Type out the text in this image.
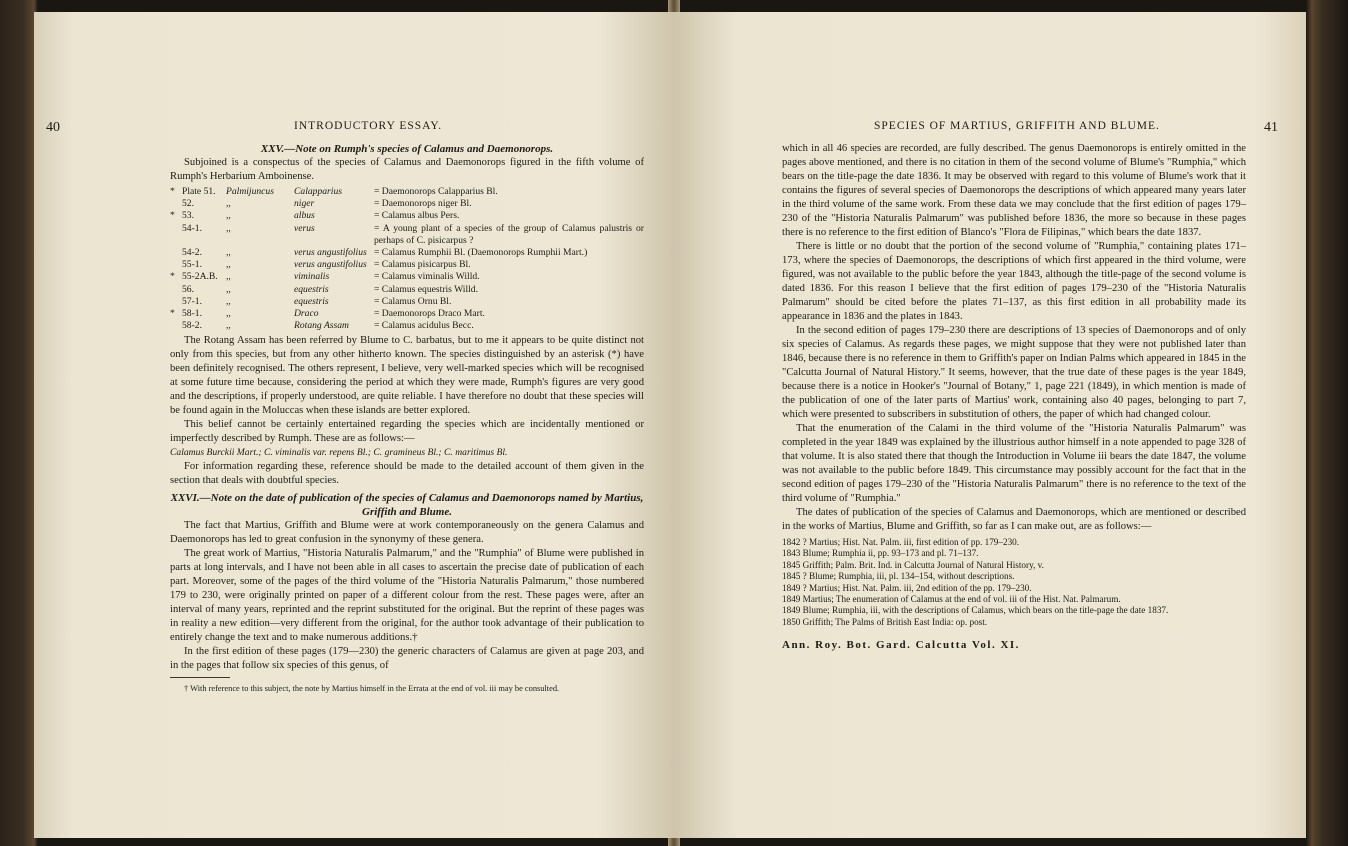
40	INTRODUCTORY ESSAY.
XXV.—Note on Rumph's species of Calamus and Daemonorops.

Subjoined is a conspectus of the species of Calamus and Daemonorops figured in the fifth volume of Rumph's Herbarium Amboinense.

* Plate 51.	Palmijuncus	Calapparius	= Daemonorops Calapparius Bl.
52.	,,	niger	= Daemonorops niger Bl.
* 53.	,,	albus	= Calamus albus Pers.
54-1.	,,	verus	= A young plant of a species of the group of Calamus palustris or perhaps of C. pisicarpus ?
54-2.	,,	verus angustifolius = Calamus Rumphii Bl. (Daemonorops Rumphii Mart.)
55-1.	,,	verus angustifolius = Calamus pisicarpus Bl.
* 55-2A.B. ,,	viminalis	= Calamus viminalis Willd.
56.	,,	equestris	= Calamus equestris Willd.
57-1.	,,	equestris	= Calamus Ornu Bl.
* 58-1.	,,	Draco	= Daemonorops Draco Mart.
58-2.	,,	Rotang Assam	= Calamus acidulus Becc.

The Rotang Assam has been referred by Blume to C. barbatus, but to me it appears to be quite distinct not only from this species, but from any other hitherto known. The species distinguished by an asterisk (*) have been definitely recognised. The others represent, I believe, very well-marked species which will be recognised at some future time because, considering the period at which they were made, Rumph's figures are very good and the descriptions, if properly understood, are quite reliable. I have therefore no doubt that these species will be found again in the Moluccas when these islands are better explored.

This belief cannot be certainly entertained regarding the species which are incidentally mentioned or imperfectly described by Rumph. These are as follows:—

Calamus Burckii Mart.; C. viminalis var. repens Bl.; C. gramineus Bl.; C. maritimus Bl.

For information regarding these, reference should be made to the detailed account of them given in the section that deals with doubtful species.

XXVI.—Note on the date of publication of the species of Calamus and Daemonorops named by Martius, Griffith and Blume.

The fact that Martius, Griffith and Blume were at work contemporaneously on the genera Calamus and Daemonorops has led to great confusion in the synonymy of these genera.

The great work of Martius, "Historia Naturalis Palmarum," and the "Rumphia" of Blume were published in parts at long intervals, and I have not been able in all cases to ascertain the precise date of publication of each part. Moreover, some of the pages of the third volume of the "Historia Naturalis Palmarum," those numbered 179 to 230, were originally printed on paper of a different colour from the rest. These pages were, after an interval of many years, reprinted and the reprint substituted for the original. But the reprint of these pages was in reality a new edition—very different from the original, for the author took advantage of their publication to entirely change the text and to make numerous additions.†

In the first edition of these pages (179—230) the generic characters of Calamus are given at page 203, and in the pages that follow six species of this genus, of

† With reference to this subject, the note by Martius himself in the Errata at the end of vol. iii may be consulted.
SPECIES OF MARTIUS, GRIFFITH AND BLUME.	41

which in all 46 species are recorded, are fully described. The genus Daemonorops is entirely omitted in the pages above mentioned, and there is no citation in them of the second volume of Blume's "Rumphia," which bears on the title-page the date 1836. It may be observed with regard to this volume of Blume's work that it contains the figures of several species of Daemonorops the descriptions of which appeared many years later in the third volume of the same work. From these data we may conclude that the first edition of pages 179–230 of the "Historia Naturalis Palmarum" was published before 1836, the more so because in these pages there is no reference to the first edition of Blanco's "Flora de Filipinas," which bears the date 1837.

There is little or no doubt that the portion of the second volume of "Rumphia," containing plates 171–173, where the species of Daemonorops, the descriptions of which first appeared in the third volume, were figured, was not available to the public before the year 1843, although the title-page of the second volume is dated 1836. For this reason I believe that the first edition of pages 179–230 of the "Historia Naturalis Palmarum" should be cited before the plates 71–137, as this first edition in all probability made its appearance in 1836 and the plates in 1843.

In the second edition of pages 179–230 there are descriptions of 13 species of Daemonorops and of only six species of Calamus. As regards these pages, we might suppose that they were not published later than 1846, because there is no reference in them to Griffith's paper on Indian Palms which appeared in 1845 in the "Calcutta Journal of Natural History." It seems, however, that the true date of these pages is the year 1849, because there is a notice in Hooker's "Journal of Botany," 1, page 221 (1849), in which mention is made of the publication of one of the later parts of Martius' work, containing also 40 pages, belonging to part 7, which were presented to subscribers in substitution of others, the paper of which had changed colour.

That the enumeration of the Calami in the third volume of the "Historia Naturalis Palmarum" was completed in the year 1849 was explained by the illustrious author himself in a note appended to page 328 of that volume. It is also stated there that though the Introduction in Volume iii bears the date 1847, the volume was not available to the public before 1849. This circumstance may possibly account for the fact that in the second edition of pages 179–230 of the "Historia Naturalis Palmarum" there is no reference to the text of the third volume of "Rumphia."

The dates of publication of the species of Calamus and Daemonorops, which are mentioned or described in the works of Martius, Blume and Griffith, so far as I can make out, are as follows:—

1842 ? Martius; Hist. Nat. Palm. iii, first edition of pp. 179–230.
1843 Blume; Rumphia ii, pp. 93–173 and pl. 71–137.
1845 Griffith; Palm. Brit. Ind. in Calcutta Journal of Natural History, v.
1845 ? Blume; Rumphia, iii, pl. 134–154, without descriptions.
1849 ? Martius; Hist. Nat. Palm. iii, 2nd edition of the pp. 179–230.
1849 Martius; The enumeration of Calamus at the end of vol. iii of the Hist. Nat. Palmarum.
1849 Blume; Rumphia, iii, with the descriptions of Calamus, which bears on the title-page the date 1837.
1850 Griffith; The Palms of British East India: op. post.

Ann. Roy. Bot. Gard. Calcutta Vol. XI.
